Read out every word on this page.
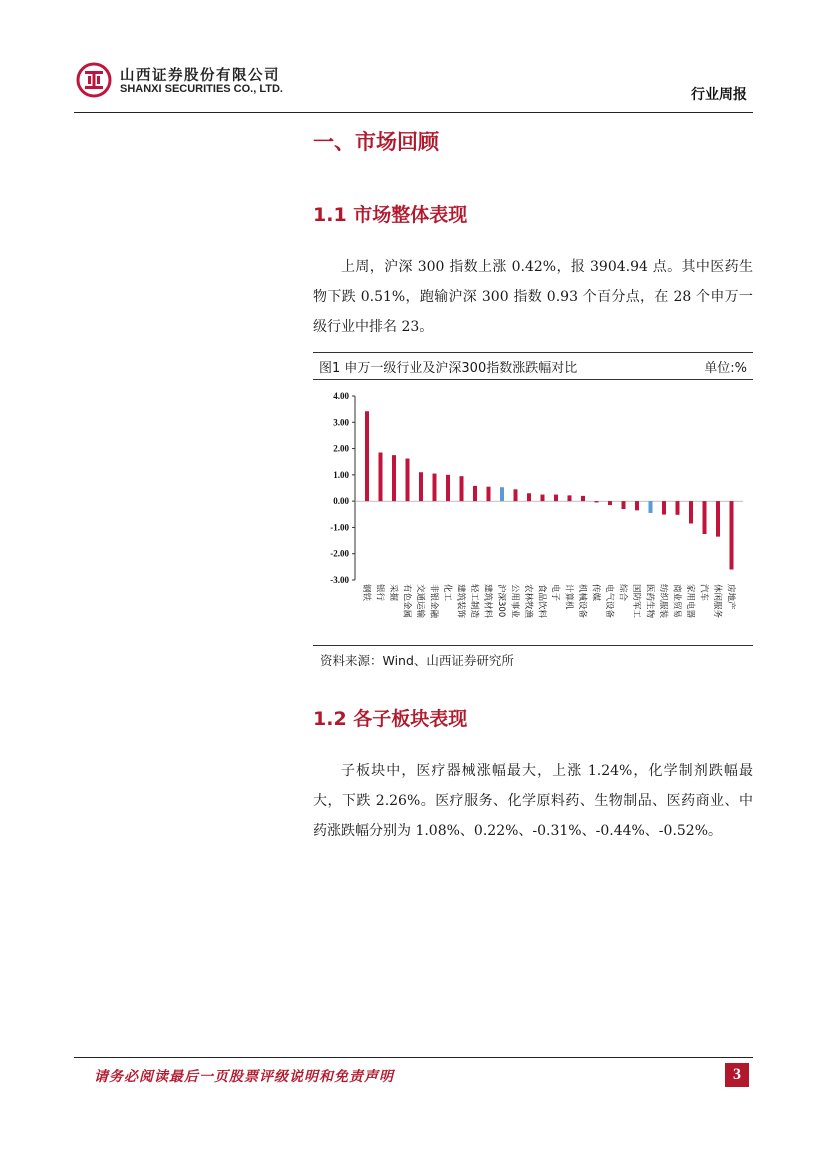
山西证券股份有限公司
SHANXI SECURITIES CO., LTD.	行业周报
一、市场回顾
1.1 市场整体表现

上周，沪深 300 指数上涨 0.42%，报 3904.94 点。其中医药生物下跌 0.51%，跑输沪深 300 指数 0.93 个百分点，在 28 个申万一级行业中排名 23。

图1 申万一级行业及沪深300指数涨跌幅对比	单位:%
4.00
3.00
2.00
1.00
0.00
-1.00
-2.00
-3.00
钢铁 银行 采掘 有色金属 交通运输 非银金融 化工 建筑装饰 轻工制造 建筑材料 沪深300 公用事业 农林牧渔 食品饮料 电子 计算机 机械设备 传媒 电气设备 综合 国防军工 医药生物 纺织服装 商业贸易 家用电器 汽车 休闲服务 房地产
资料来源：Wind、山西证券研究所
1.2 各子板块表现

子板块中，医疗器械涨幅最大，上涨 1.24%，化学制剂跌幅最大，下跌 2.26%。医疗服务、化学原料药、生物制品、医药商业、中药涨跌幅分别为 1.08%、0.22%、-0.31%、-0.44%、-0.52%。

请务必阅读最后一页股票评级说明和免责声明	3
